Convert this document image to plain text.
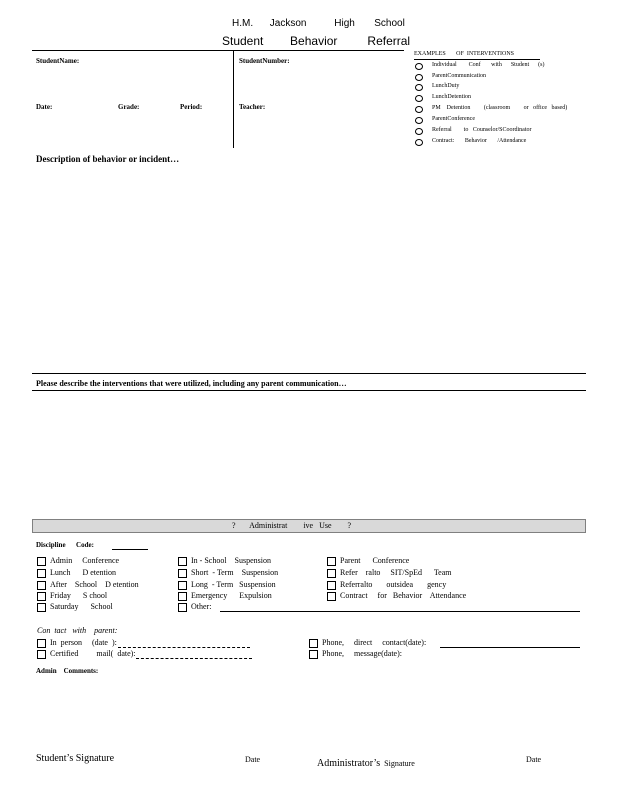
H.M.      Jackson          High       School
Student        Behavior         Referral
StudentName:	StudentNumber:
Date:	Grade:	Period:	Teacher:
EXAMPLES       OF  INTERVENTIONS
Individual        Conf       with      Student      (s)
ParentCommunication
LunchDuty
LunchDetention
PM    Detention         (classroom         or   office   based)
ParentConference
Referral        to   Counselor/SCoordinator
Contract:       Behavior       /Attendance
Description of behavior or incident…
Please describe the interventions that were utilized, including any parent communication…
?       Administrat        ive   Use        ?
Discipline      Code:
Admin     Conference
Lunch      D etention
After    School    D etention
Friday      S chool
Saturday      School
In - School    Suspension
Short  - Term    Suspension
Long  - Term   Suspension
Emergency      Expulsion
Other:
Parent      Conference
Refer    ralto     SIT/SpEd      Team
Referralto       outsidea       gency
Contract     for   Behavior    Attendance
Con  tact   with    parent:
In  person     (date  ):
Certified         mail(  date):
Phone,     direct     contact(date):
Phone,     message(date):
Admin    Comments:
Student’s Signature	Date	Administrator’s Signature	Date
